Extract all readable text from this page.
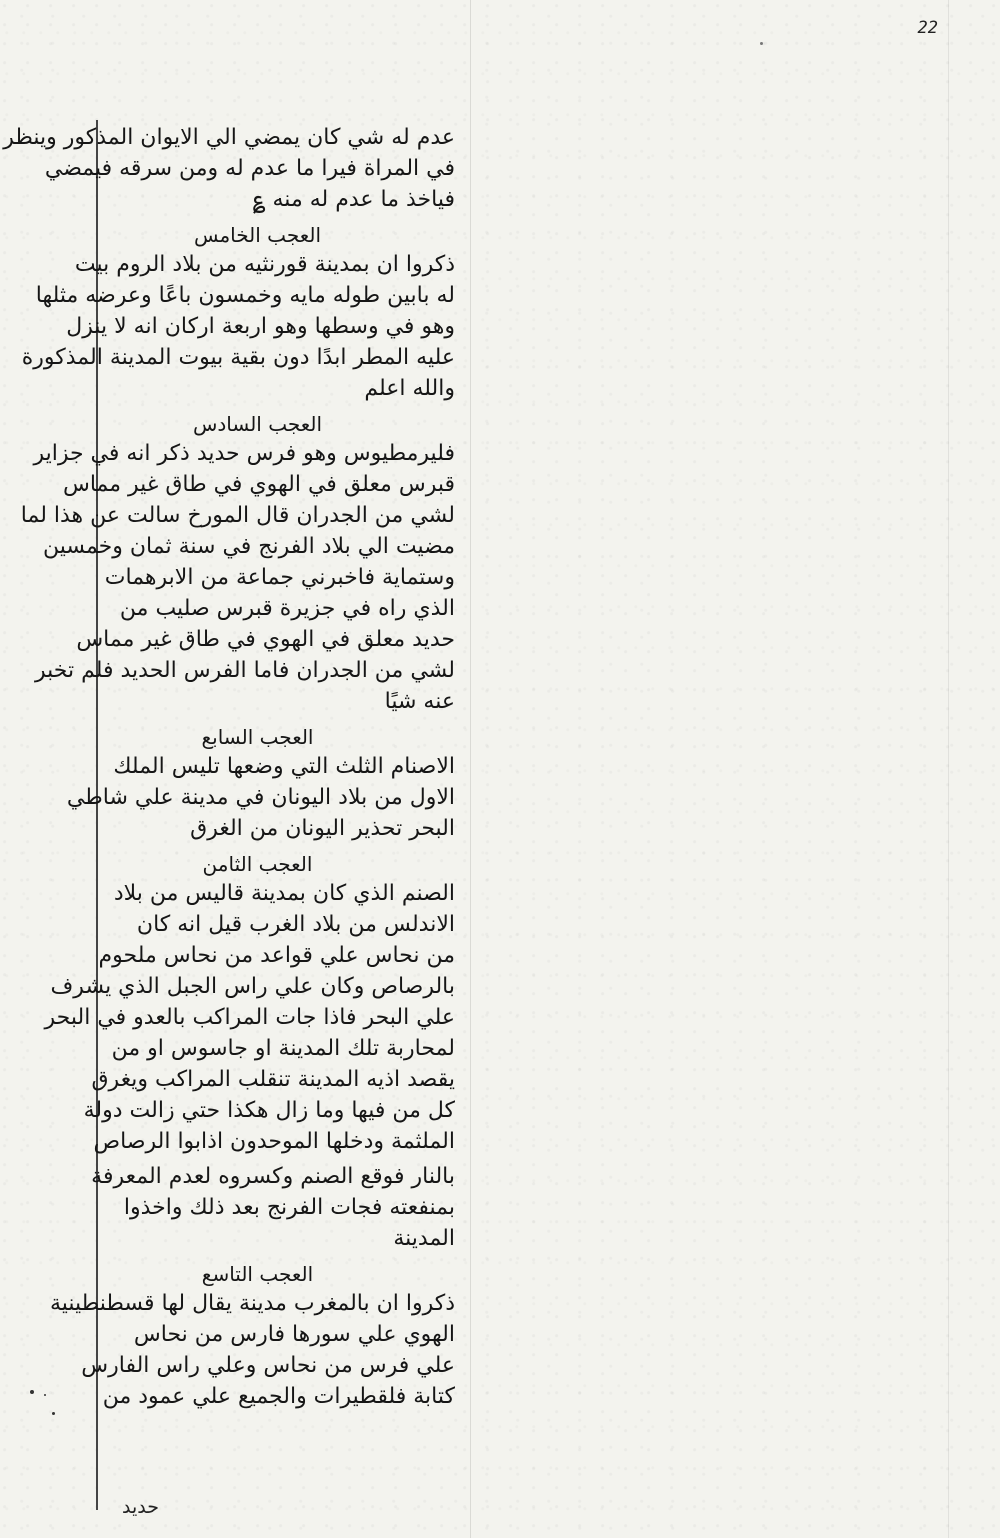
22
عدم له شي كان يمضي الي الايوان المذكور وينظر
في المراة فيرا ما عدم له ومن سرقه فيمضي
فياخذ ما عدم له منه ؏
العجب الخامس
ذكروا ان بمدينة قورنثيه من بلاد الروم بيت
له بابين طوله مايه وخمسون باعًا وعرضه مثلها
وهو في وسطها وهو اربعة اركان انه لا ينزل
عليه المطر ابدًا دون بقية بيوت المدينة المذكورة
والله اعلم
العجب السادس
فليرمطيوس وهو فرس حديد ذكر انه في جزاير
قبرس معلق في الهوي في طاق غير مماس
لشي من الجدران قال المورخ سالت عن هذا لما
مضيت الي بلاد الفرنج في سنة ثمان وخمسين
وستماية فاخبرني جماعة من الابرهمات
الذي راه في جزيرة قبرس صليب من
حديد معلق في الهوي في طاق غير مماس
لشي من الجدران فاما الفرس الحديد فلم تخبر
عنه شيًا
العجب السابع
الاصنام الثلث التي وضعها تليس الملك
الاول من بلاد اليونان في مدينة علي شاطي
البحر تحذير اليونان من الغرق
العجب الثامن
الصنم الذي كان بمدينة قاليس من بلاد
الاندلس من بلاد الغرب قيل انه كان
من نحاس علي قواعد من نحاس ملحوم
بالرصاص وكان علي راس الجبل الذي يشرف
علي البحر فاذا جات المراكب بالعدو في البحر
لمحاربة تلك المدينة او جاسوس او من
يقصد اذيه المدينة تنقلب المراكب ويغرق
كل من فيها وما زال هكذا حتي زالت دولة
الملثمة ودخلها الموحدون اذابوا الرصاص
بالنار فوقع الصنم وكسروه لعدم المعرفة
بمنفعته فجات الفرنج بعد ذلك واخذوا
المدينة
العجب التاسع
ذكروا ان بالمغرب مدينة يقال لها قسطنطينية
الهوي علي سورها فارس من نحاس
علي فرس من نحاس وعلي راس الفارس
كتابة فلقطيرات والجميع علي عمود من
حديد
